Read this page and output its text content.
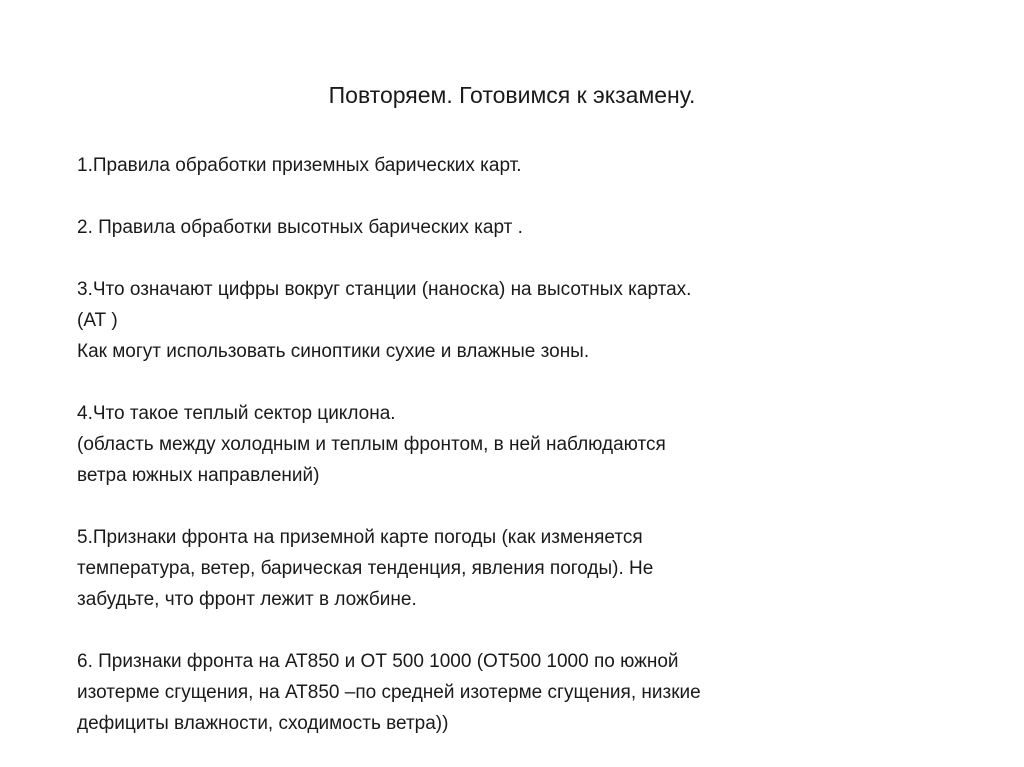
Повторяем. Готовимся к экзамену.
1.Правила обработки приземных барических карт.
2. Правила обработки высотных барических карт .
3.Что означают цифры вокруг станции (наноска) на высотных картах.
(АТ )
Как могут использовать синоптики сухие и влажные зоны.
4.Что такое теплый сектор циклона.
(область между холодным и теплым фронтом, в ней наблюдаются
ветра южных направлений)
5.Признаки фронта на приземной карте погоды (как изменяется
температура, ветер, барическая тенденция, явления погоды). Не
забудьте, что фронт лежит в ложбине.
6. Признаки фронта на АТ850 и ОТ 500 1000 (ОТ500 1000 по южной
изотерме сгущения, на АТ850 –по средней изотерме сгущения, низкие
дефициты влажности, сходимость ветра))
